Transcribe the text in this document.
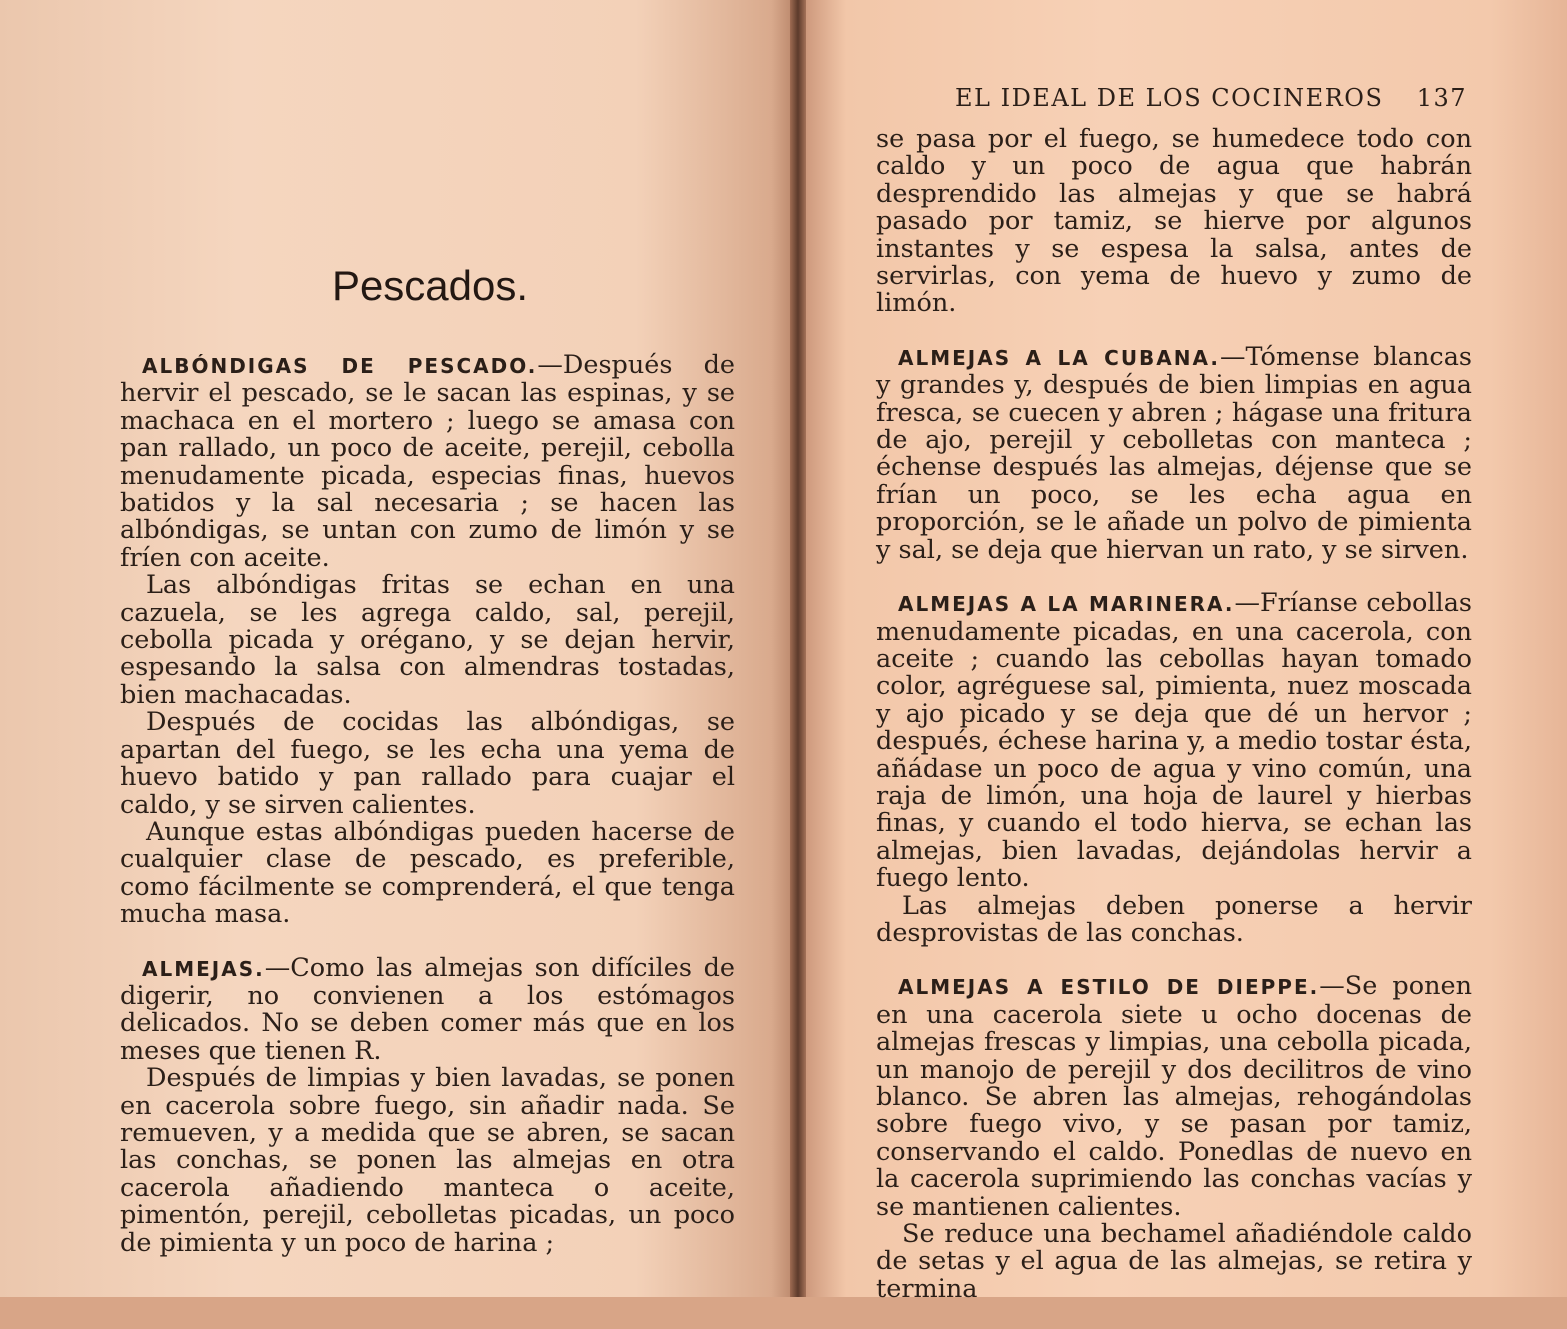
Pescados.

ALBÓNDIGAS DE PESCADO.—Después de hervir el pescado, se le sacan las espinas, y se machaca en el mortero ; luego se amasa con pan rallado, un poco de aceite, perejil, cebolla menudamente picada, especias finas, huevos batidos y la sal necesaria ; se hacen las albóndigas, se untan con zumo de limón y se fríen con aceite.

Las albóndigas fritas se echan en una cazuela, se les agrega caldo, sal, perejil, cebolla picada y orégano, y se dejan hervir, espesando la salsa con almendras tostadas, bien machacadas.

Después de cocidas las albóndigas, se apartan del fuego, se les echa una yema de huevo batido y pan rallado para cuajar el caldo, y se sirven calientes.

Aunque estas albóndigas pueden hacerse de cualquier clase de pescado, es preferible, como fácilmente se comprenderá, el que tenga mucha masa.

ALMEJAS.—Como las almejas son difíciles de digerir, no convienen a los estómagos delicados. No se deben comer más que en los meses que tienen R.

Después de limpias y bien lavadas, se ponen en cacerola sobre fuego, sin añadir nada. Se remueven, y a medida que se abren, se sacan las conchas, se ponen las almejas en otra cacerola añadiendo manteca o aceite, pimentón, perejil, cebolletas picadas, un poco de pimienta y un poco de harina ;

EL IDEAL DE LOS COCINEROS 137

se pasa por el fuego, se humedece todo con caldo y un poco de agua que habrán desprendido las almejas y que se habrá pasado por tamiz, se hierve por algunos instantes y se espesa la salsa, antes de servirlas, con yema de huevo y zumo de limón.

ALMEJAS A LA CUBANA.—Tómense blancas y grandes y, después de bien limpias en agua fresca, se cuecen y abren ; hágase una fritura de ajo, perejil y cebolletas con manteca ; échense después las almejas, déjense que se frían un poco, se les echa agua en proporción, se le añade un polvo de pimienta y sal, se deja que hiervan un rato, y se sirven.

ALMEJAS A LA MARINERA.—Fríanse cebollas menudamente picadas, en una cacerola, con aceite ; cuando las cebollas hayan tomado color, agréguese sal, pimienta, nuez moscada y ajo picado y se deja que dé un hervor ; después, échese harina y, a medio tostar ésta, añádase un poco de agua y vino común, una raja de limón, una hoja de laurel y hierbas finas, y cuando el todo hierva, se echan las almejas, bien lavadas, dejándolas hervir a fuego lento.

Las almejas deben ponerse a hervir desprovistas de las conchas.

ALMEJAS A ESTILO DE DIEPPE.—Se ponen en una cacerola siete u ocho docenas de almejas frescas y limpias, una cebolla picada, un manojo de perejil y dos decilitros de vino blanco. Se abren las almejas, rehogándolas sobre fuego vivo, y se pasan por tamiz, conservando el caldo. Ponedlas de nuevo en la cacerola suprimiendo las conchas vacías y se mantienen calientes.

Se reduce una bechamel añadiéndole caldo de setas y el agua de las almejas, se retira y termina
